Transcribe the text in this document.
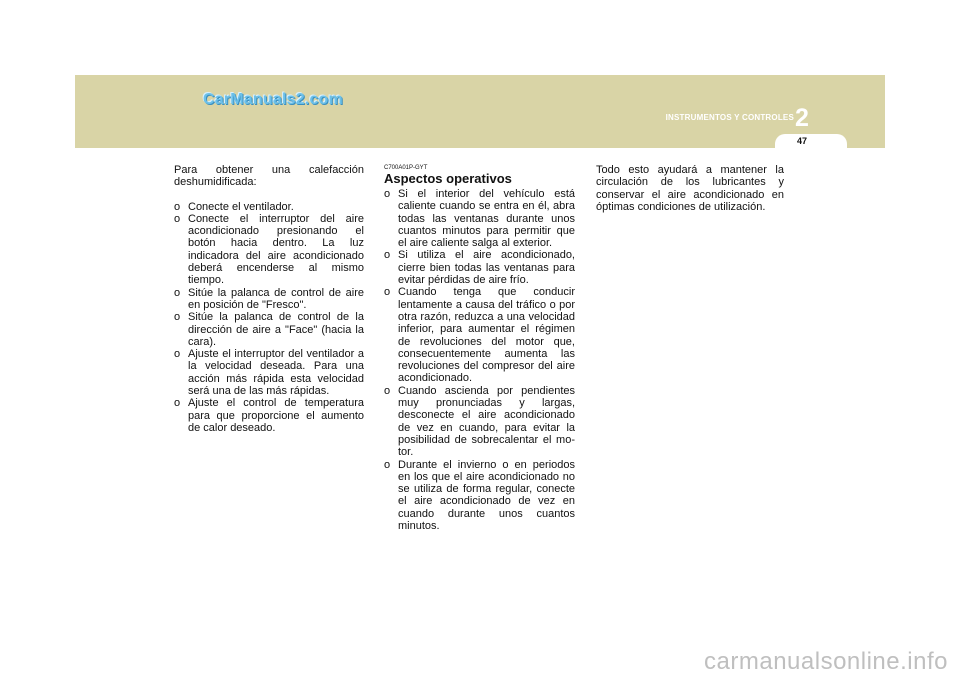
CarManuals2.com
INSTRUMENTOS Y CONTROLES 2
47

Para obtener una calefacción deshumidificada:

o Conecte el ventilador.
o Conecte el interruptor del aire acondicionado presionando el botón hacia dentro. La luz indicadora del aire acondicionado deberá encenderse al mismo tiempo.
o Sitúe la palanca de control de aire en posición de "Fresco".
o Sitúe la palanca de control de la dirección de aire a "Face" (hacia la cara).
o Ajuste el interruptor del ventilador a la velocidad deseada. Para una acción más rápida esta velocidad será una de las más rápidas.
o Ajuste el control de temperatura para que proporcione el aumento de calor deseado.

C700A01P-GYT

Aspectos operativos

o Si el interior del vehículo está caliente cuando se entra en él, abra todas las ventanas durante unos cuantos minutos para permitir que el aire caliente salga al exterior.
o Si utiliza el aire acondicionado, cierre bien todas las ventanas para evitar pérdidas de aire frío.
o Cuando tenga que conducir lentamente a causa del tráfico o por otra razón, reduzca a una velocidad inferior, para aumentar el régimen de revoluciones del motor que, consecuentemente aumenta las revoluciones del compresor del aire acondicionado.
o Cuando ascienda por pendientes muy pronunciadas y largas, desconecte el aire acondicionado de vez en cuando, para evitar la posibilidad de sobrecalentar el mo-tor.
o Durante el invierno o en periodos en los que el aire acondicionado no se utiliza de forma regular, conecte el aire acondicionado de vez en cuando durante unos cuantos minutos.

Todo esto ayudará a mantener la circulación de los lubricantes y conservar el aire acondicionado en óptimas condiciones de utilización.

carmanualsonline.info
